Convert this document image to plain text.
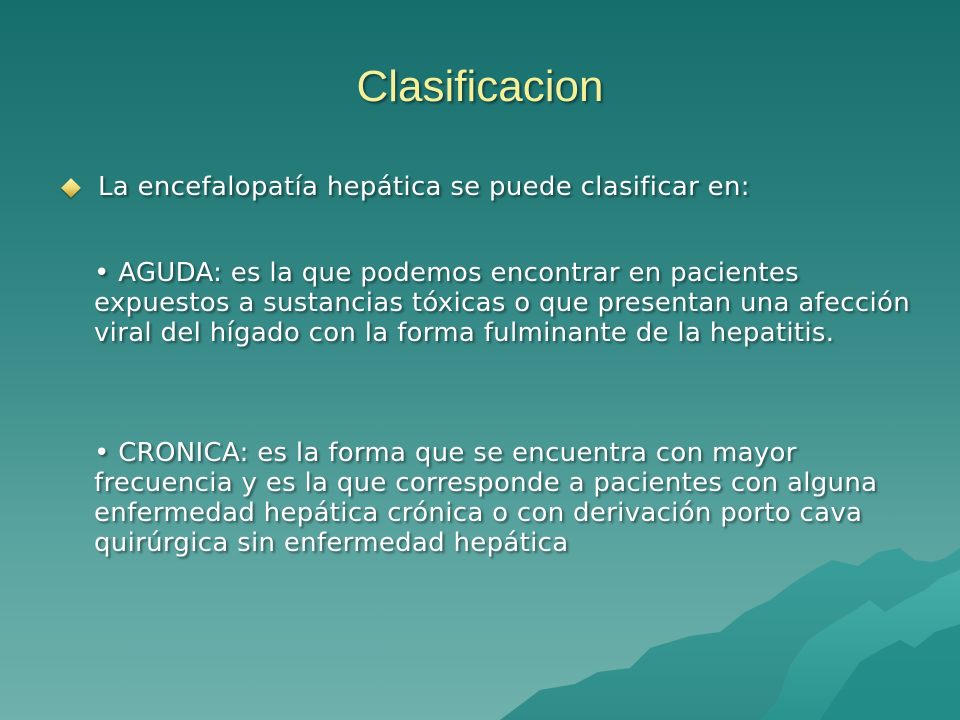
Clasificacion
La encefalopatía hepática se puede clasificar en:
• AGUDA: es la que podemos encontrar en pacientes expuestos a sustancias tóxicas o que presentan una afección viral del hígado con la forma fulminante de la hepatitis.
• CRONICA: es la forma que se encuentra con mayor frecuencia y es la que corresponde a pacientes con alguna enfermedad hepática crónica o con derivación porto cava quirúrgica sin enfermedad hepática
